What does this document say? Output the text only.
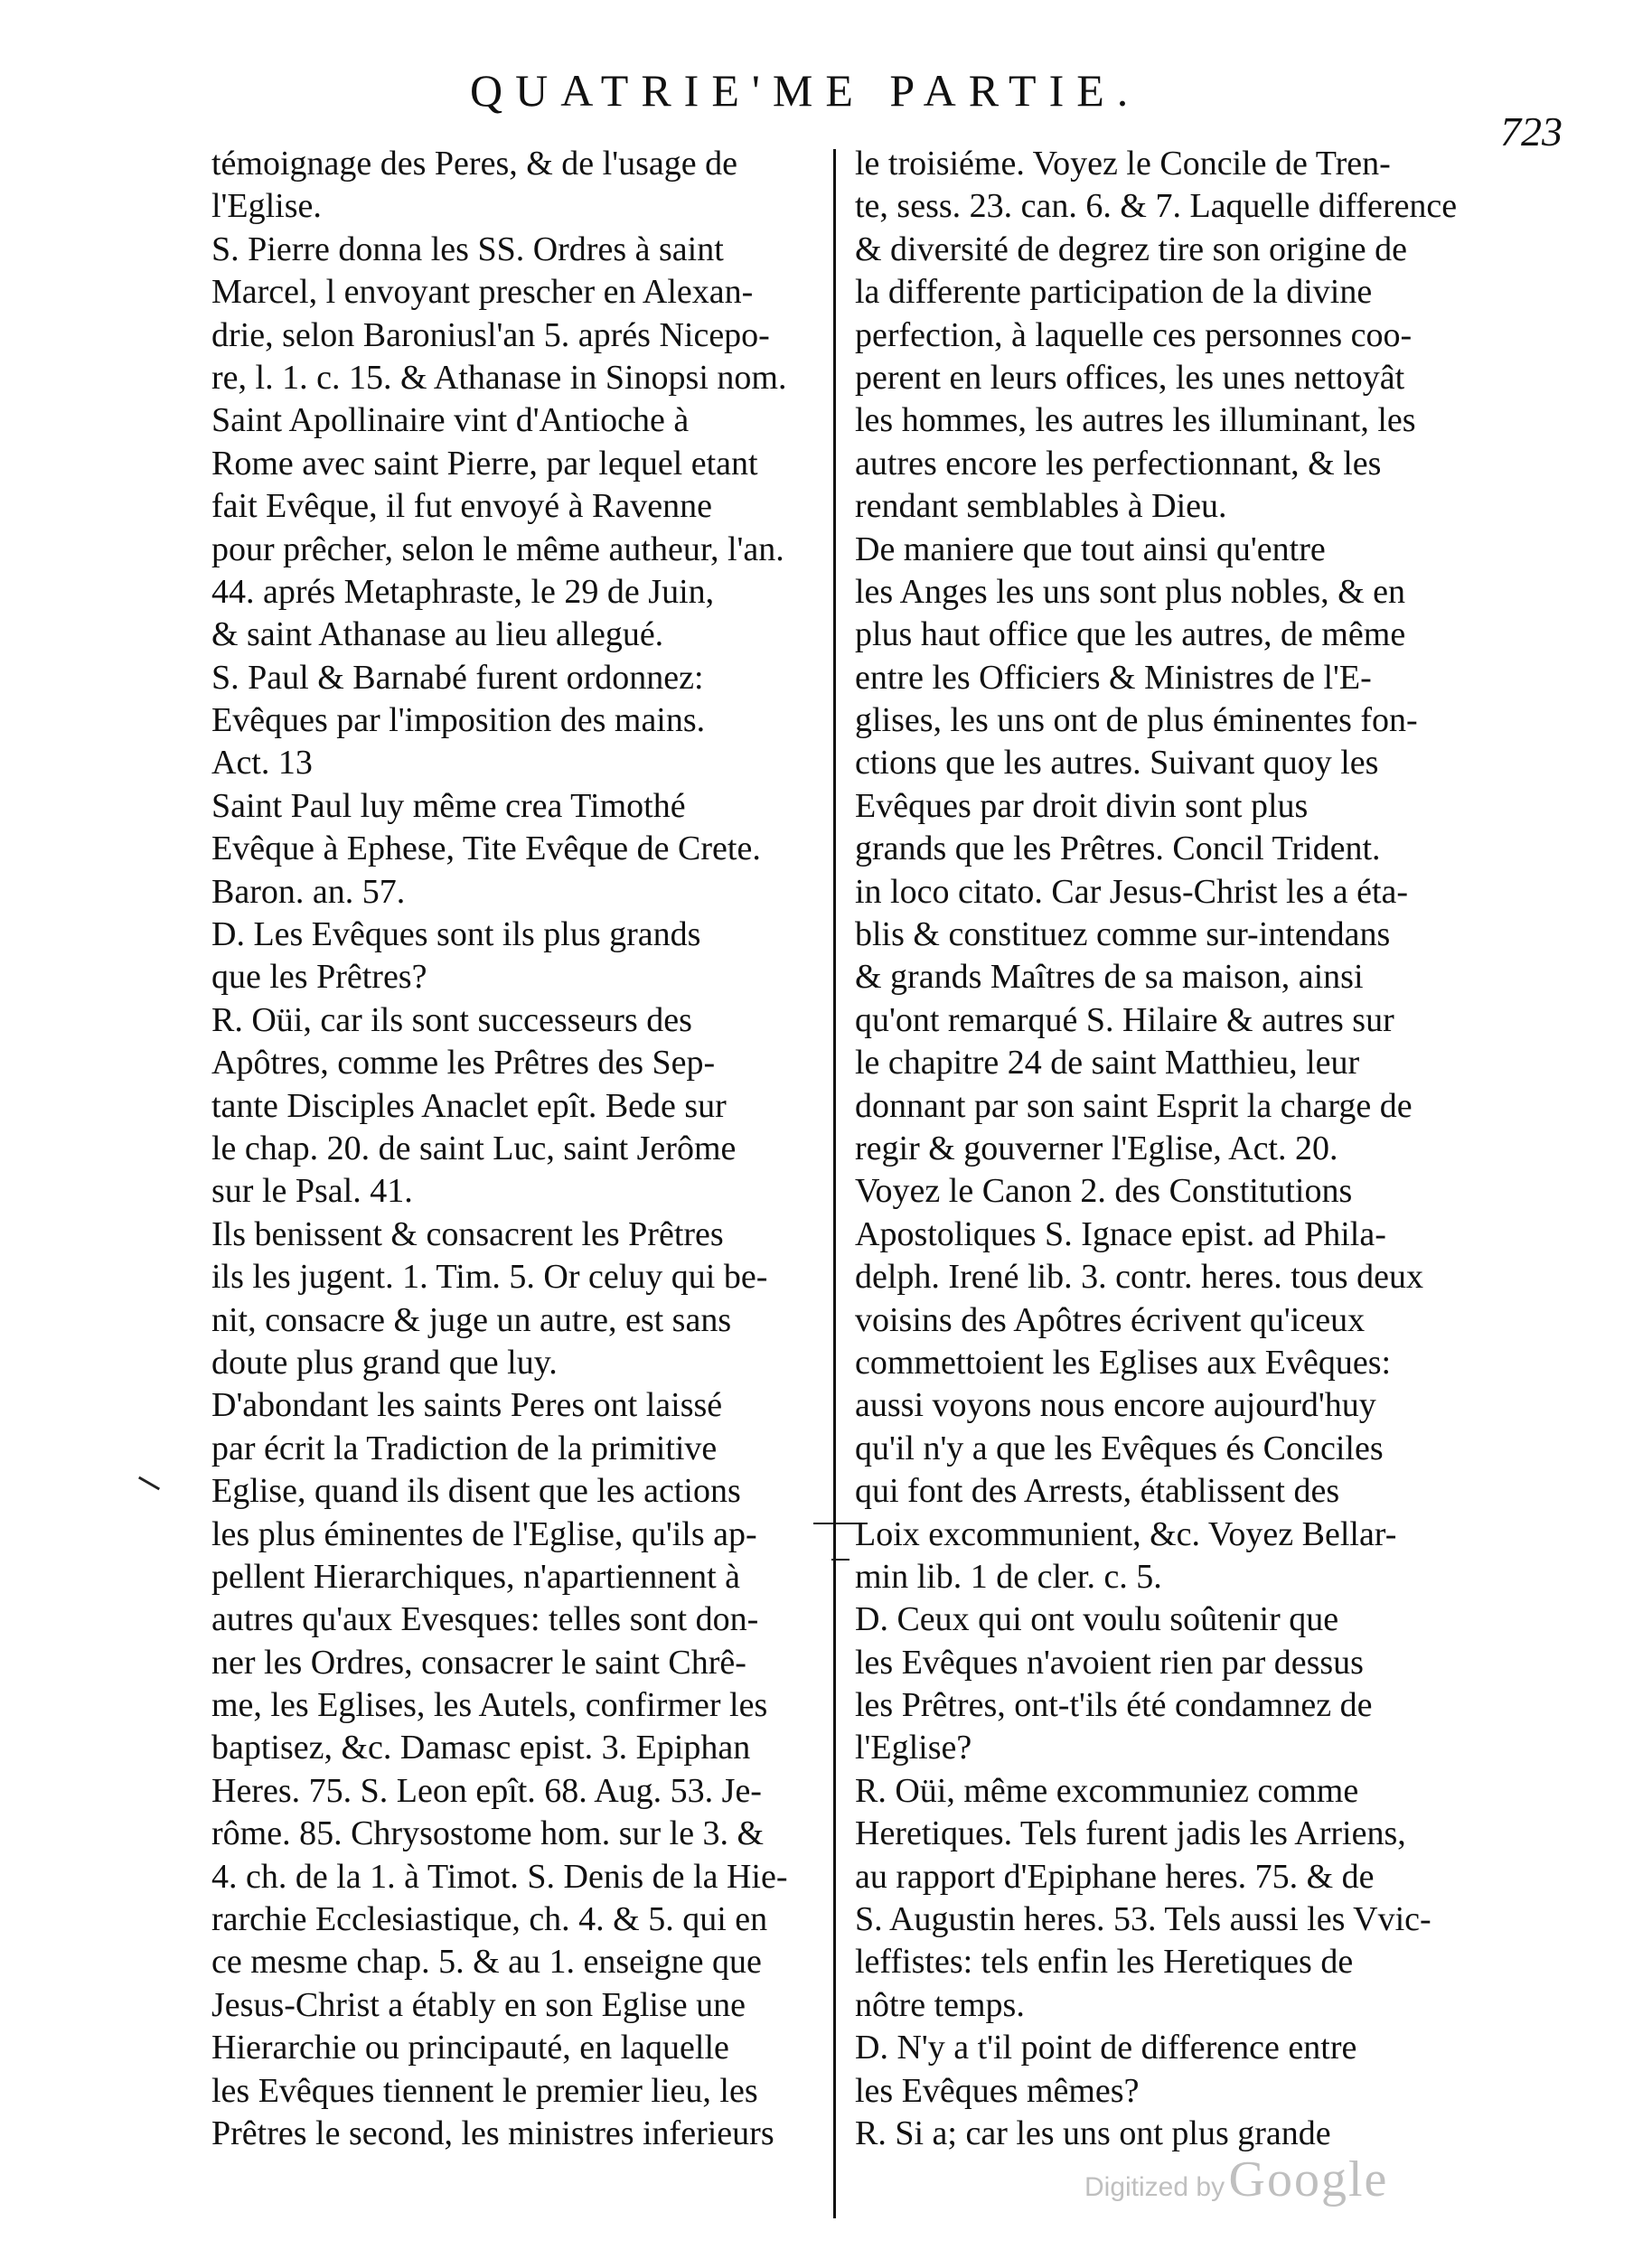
QUATRIE'ME PARTIE.
723
témoignage des Peres, & de l'usage de
l'Eglise.
S. Pierre donna les SS. Ordres à saint
Marcel, l envoyant prescher en Alexan-
drie, selon Baroniusl'an 5. aprés Nicepo-
re, l. 1. c. 15. & Athanase in Sinopsi nom.
Saint Apollinaire vint d'Antioche à
Rome avec saint Pierre, par lequel etant
fait Evêque, il fut envoyé à Ravenne
pour prêcher, selon le même autheur, l'an.
44. aprés Metaphraste, le 29 de Juin,
& saint Athanase au lieu allegué.
S. Paul & Barnabé furent ordonnez:
Evêques par l'imposition des mains.
Act. 13
Saint Paul luy même crea Timothé
Evêque à Ephese, Tite Evêque de Crete.
Baron. an. 57.
D. Les Evêques sont ils plus grands
que les Prêtres?
R. Oüi, car ils sont successeurs des
Apôtres, comme les Prêtres des Sep-
tante Disciples Anaclet epît. Bede sur
le chap. 20. de saint Luc, saint Jerôme
sur le Psal. 41.
Ils benissent & consacrent les Prêtres
ils les jugent. 1. Tim. 5. Or celuy qui be-
nit, consacre & juge un autre, est sans
doute plus grand que luy.
D'abondant les saints Peres ont laissé
par écrit la Tradiction de la primitive
Eglise, quand ils disent que les actions
les plus éminentes de l'Eglise, qu'ils ap-
pellent Hierarchiques, n'apartiennent à
autres qu'aux Evesques: telles sont don-
ner les Ordres, consacrer le saint Chrê-
me, les Eglises, les Autels, confirmer les
baptisez, &c. Damasc epist. 3. Epiphan
Heres. 75. S. Leon epît. 68. Aug. 53. Je-
rôme. 85. Chrysostome hom. sur le 3. &
4. ch. de la 1. à Timot. S. Denis de la Hie-
rarchie Ecclesiastique, ch. 4. & 5. qui en
ce mesme chap. 5. & au 1. enseigne que
Jesus-Christ a étably en son Eglise une
Hierarchie ou principauté, en laquelle
les Evêques tiennent le premier lieu, les
Prêtres le second, les ministres inferieurs
le troisiéme. Voyez le Concile de Tren-
te, sess. 23. can. 6. & 7. Laquelle difference
& diversité de degrez tire son origine de
la differente participation de la divine
perfection, à laquelle ces personnes coo-
perent en leurs offices, les unes nettoyât
les hommes, les autres les illuminant, les
autres encore les perfectionnant, & les
rendant semblables à Dieu.
De maniere que tout ainsi qu'entre
les Anges les uns sont plus nobles, & en
plus haut office que les autres, de même
entre les Officiers & Ministres de l'E-
glises, les uns ont de plus éminentes fon-
ctions que les autres. Suivant quoy les
Evêques par droit divin sont plus
grands que les Prêtres. Concil Trident.
in loco citato. Car Jesus-Christ les a éta-
blis & constituez comme sur-intendans
& grands Maîtres de sa maison, ainsi
qu'ont remarqué S. Hilaire & autres sur
le chapitre 24 de saint Matthieu, leur
donnant par son saint Esprit la charge de
regir & gouverner l'Eglise, Act. 20.
Voyez le Canon 2. des Constitutions
Apostoliques S. Ignace epist. ad Phila-
delph. Irené lib. 3. contr. heres. tous deux
voisins des Apôtres écrivent qu'iceux
commettoient les Eglises aux Evêques:
aussi voyons nous encore aujourd'huy
qu'il n'y a que les Evêques és Conciles
qui font des Arrests, établissent des
Loix excommunient, &c. Voyez Bellar-
min lib. 1 de cler. c. 5.
D. Ceux qui ont voulu soûtenir que
les Evêques n'avoient rien par dessus
les Prêtres, ont-t'ils été condamnez de
l'Eglise?
R. Oüi, même excommuniez comme
Heretiques. Tels furent jadis les Arriens,
au rapport d'Epiphane heres. 75. & de
S. Augustin heres. 53. Tels aussi les Vvic-
leffistes: tels enfin les Heretiques de
nôtre temps.
D. N'y a t'il point de difference entre
les Evêques mêmes?
R. Si a; car les uns ont plus grande
Digitized by Google
